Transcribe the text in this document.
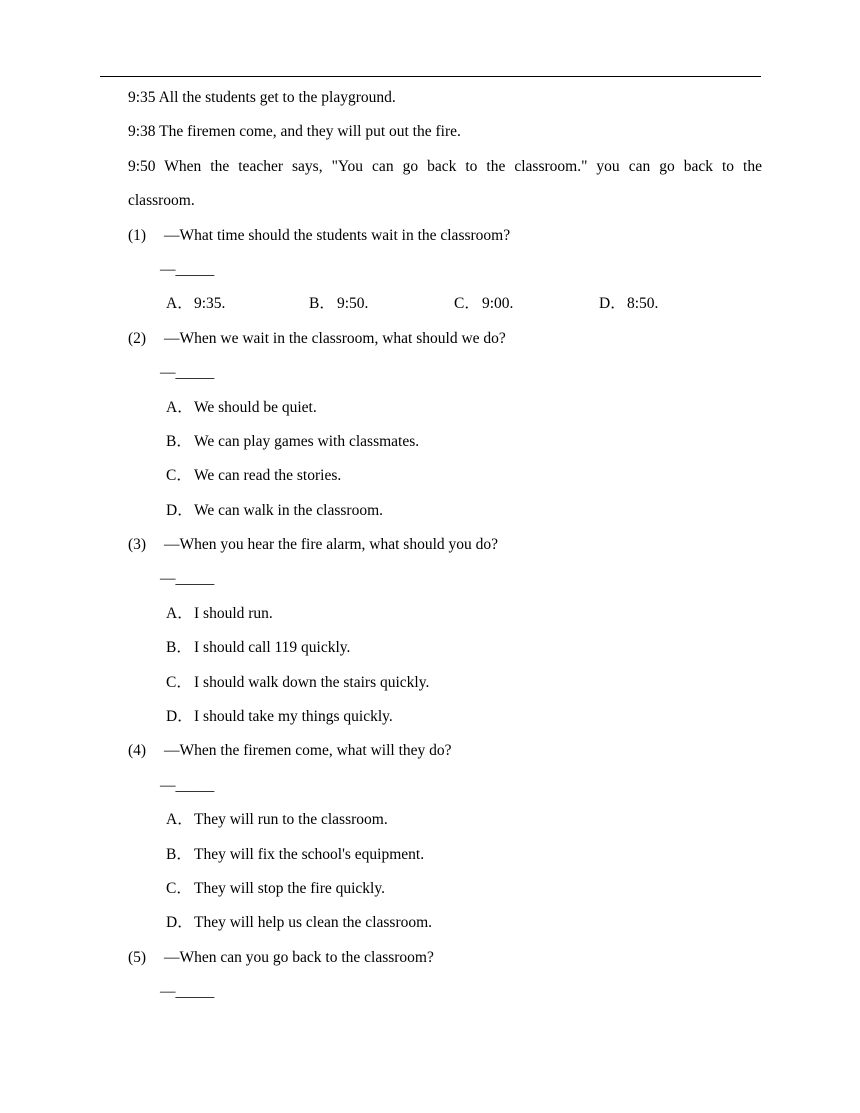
9:35 All the students get to the playground.
9:38 The firemen come, and they will put out the fire.
9:50 When the teacher says, "You can go back to the classroom." you can go back to the
classroom.
(1)	—What time should the students wait in the classroom?
—_____
A．9:35.	B． 9:50.	C． 9:00.	D．8:50.
(2)	—When we wait in the classroom, what should we do?
—_____
A．We should be quiet.
B． We can play games with classmates.
C． We can read the stories.
D．We can walk in the classroom.
(3)	—When you hear the fire alarm, what should you do?
—_____
A．I should run.
B． I should call 119 quickly.
C． I should walk down the stairs quickly.
D．I should take my things quickly.
(4)	—When the firemen come, what will they do?
—_____
A．They will run to the classroom.
B． They will fix the school's equipment.
C． They will stop the fire quickly.
D．They will help us clean the classroom.
(5)	—When can you go back to the classroom?
—_____
